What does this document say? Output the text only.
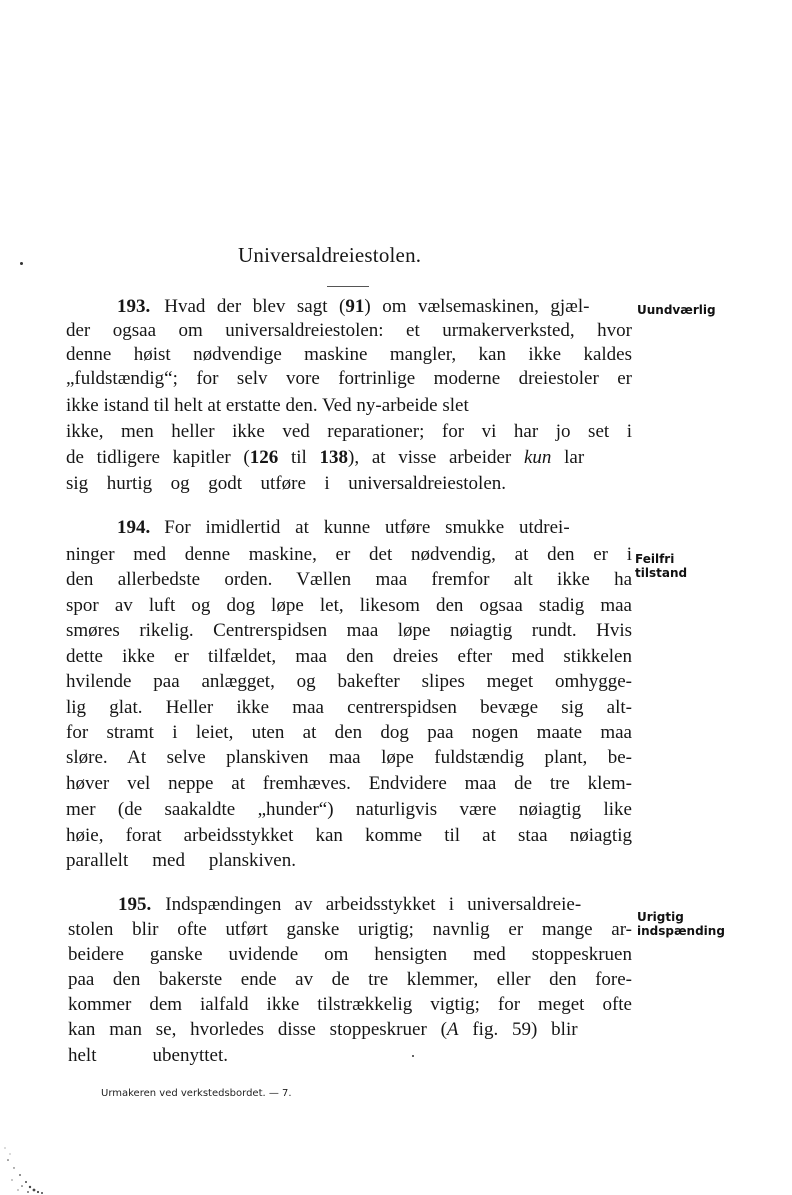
Universaldreiestolen.
193. Hvad der blev sagt (91) om vælsemaskinen, gjæl-	Uundværlig
der ogsaa om universaldreiestolen: et urmakerverksted, hvor
denne høist nødvendige maskine mangler, kan ikke kaldes
„fuldstændig“; for selv vore fortrinlige moderne dreiestoler er
ikke istand til helt at erstatte den. Ved ny-arbeide slet
ikke, men heller ikke ved reparationer; for vi har jo set i
de tidligere kapitler (126 til 138), at visse arbeider kun lar
sig hurtig og godt utføre i universaldreiestolen.
194. For imidlertid at kunne utføre smukke utdrei-
ninger med denne maskine, er det nødvendig, at den er i Feilfri
tilstand
den allerbedste orden. Vællen maa fremfor alt ikke ha
spor av luft og dog løpe let, likesom den ogsaa stadig maa
smøres rikelig. Centrerspidsen maa løpe nøiagtig rundt. Hvis
dette ikke er tilfældet, maa den dreies efter med stikkelen
hvilende paa anlægget, og bakefter slipes meget omhygge-
lig glat. Heller ikke maa centrerspidsen bevæge sig alt-
for stramt i leiet, uten at den dog paa nogen maate maa
sløre. At selve planskiven maa løpe fuldstændig plant, be-
høver vel neppe at fremhæves. Endvidere maa de tre klem-
mer (de saakaldte „hunder“) naturligvis være nøiagtig like
høie, forat arbeidsstykket kan komme til at staa nøiagtig
parallelt med planskiven.
195. Indspændingen av arbeidsstykket i universaldreie-
Urigtig
indspænding
stolen blir ofte utført ganske urigtig; navnlig er mange ar-
beidere ganske uvidende om hensigten med stoppeskruen
paa den bakerste ende av de tre klemmer, eller den fore-
kommer dem ialfald ikke tilstrækkelig vigtig; for meget ofte
kan man se, hvorledes disse stoppeskruer (A fig. 59) blir
helt ubenyttet.
Urmakeren ved verkstedsbordet. — 7.
